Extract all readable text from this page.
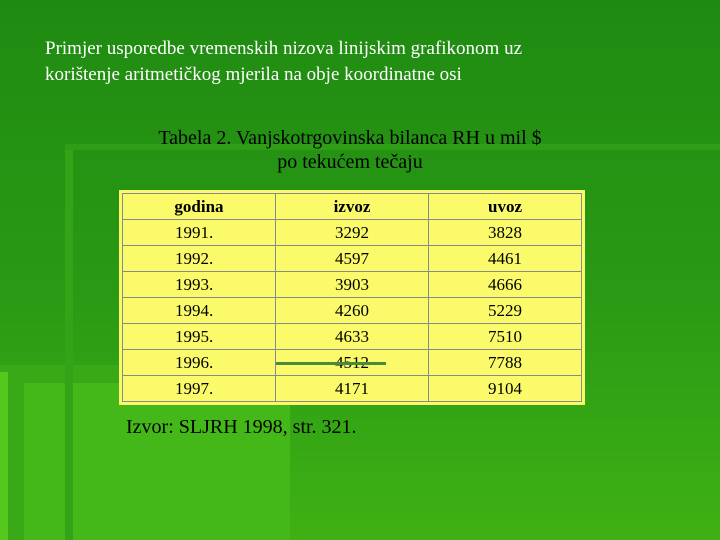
Primjer usporedbe vremenskih nizova linijskim grafikonom uz
korištenje aritmetičkog mjerila na obje koordinatne osi
Tabela 2. Vanjskotrgovinska bilanca RH u mil $
po tekućem tečaju
godina	izvoz	uvoz
1991.	3292	3828
1992.	4597	4461
1993.	3903	4666
1994.	4260	5229
1995.	4633	7510
1996.		7788
1997.	4171	9104
Izvor: SLJRH 1998, str. 321.
